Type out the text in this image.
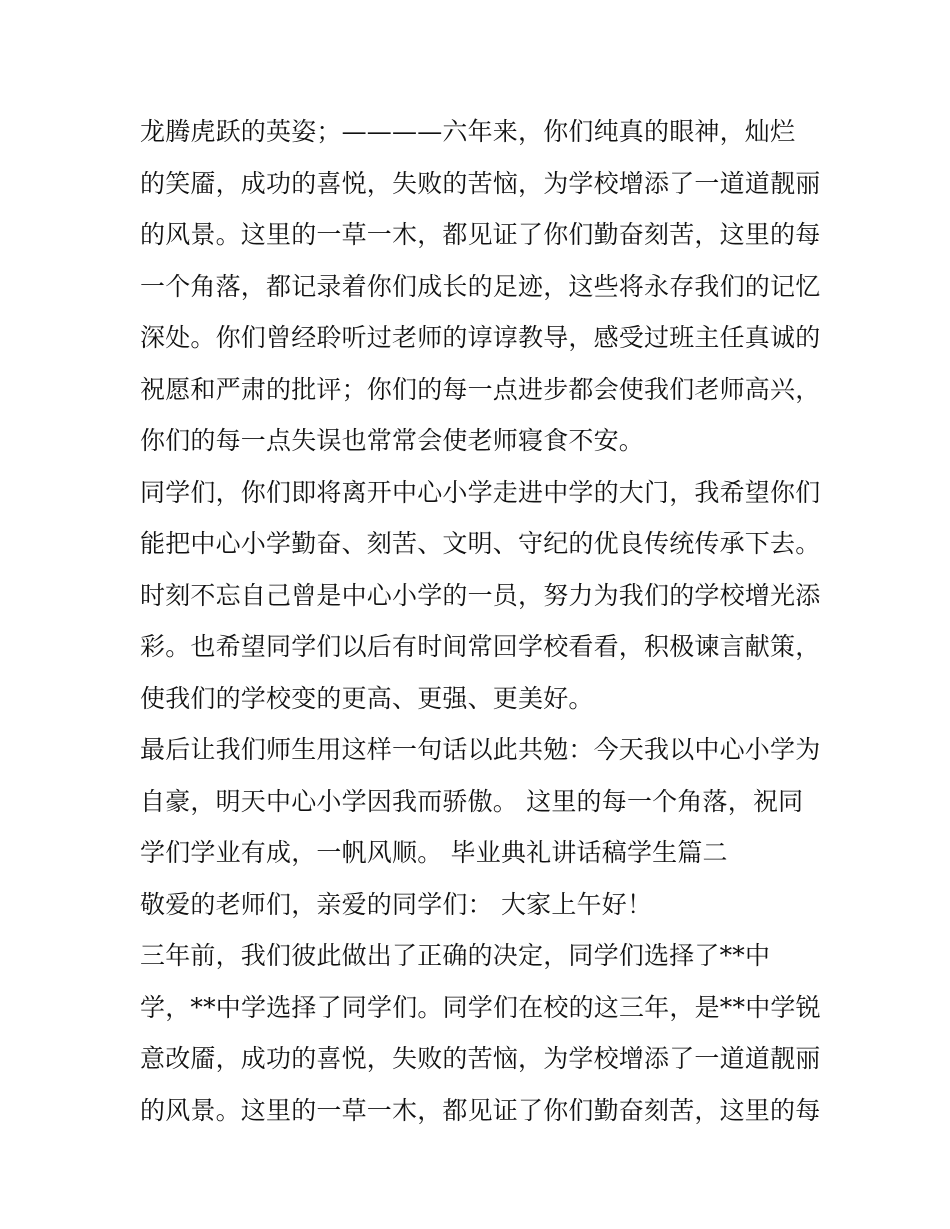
龙腾虎跃的英姿；————六年来，你们纯真的眼神，灿烂
的笑靥，成功的喜悦，失败的苦恼，为学校增添了一道道靓丽
的风景。这里的一草一木，都见证了你们勤奋刻苦，这里的每
一个角落，都记录着你们成长的足迹，这些将永存我们的记忆
深处。你们曾经聆听过老师的谆谆教导，感受过班主任真诚的
祝愿和严肃的批评；你们的每一点进步都会使我们老师高兴，
你们的每一点失误也常常会使老师寝食不安。
同学们，你们即将离开中心小学走进中学的大门，我希望你们
能把中心小学勤奋、刻苦、文明、守纪的优良传统传承下去。
时刻不忘自己曾是中心小学的一员，努力为我们的学校增光添
彩。也希望同学们以后有时间常回学校看看，积极谏言献策，
使我们的学校变的更高、更强、更美好。
最后让我们师生用这样一句话以此共勉：今天我以中心小学为
自豪，明天中心小学因我而骄傲。 这里的每一个角落，祝同
学们学业有成，一帆风顺。 毕业典礼讲话稿学生篇二
敬爱的老师们，亲爱的同学们： 大家上午好！
三年前，我们彼此做出了正确的决定，同学们选择了**中
学，**中学选择了同学们。同学们在校的这三年，是**中学锐
意改靥，成功的喜悦，失败的苦恼，为学校增添了一道道靓丽
的风景。这里的一草一木，都见证了你们勤奋刻苦，这里的每
